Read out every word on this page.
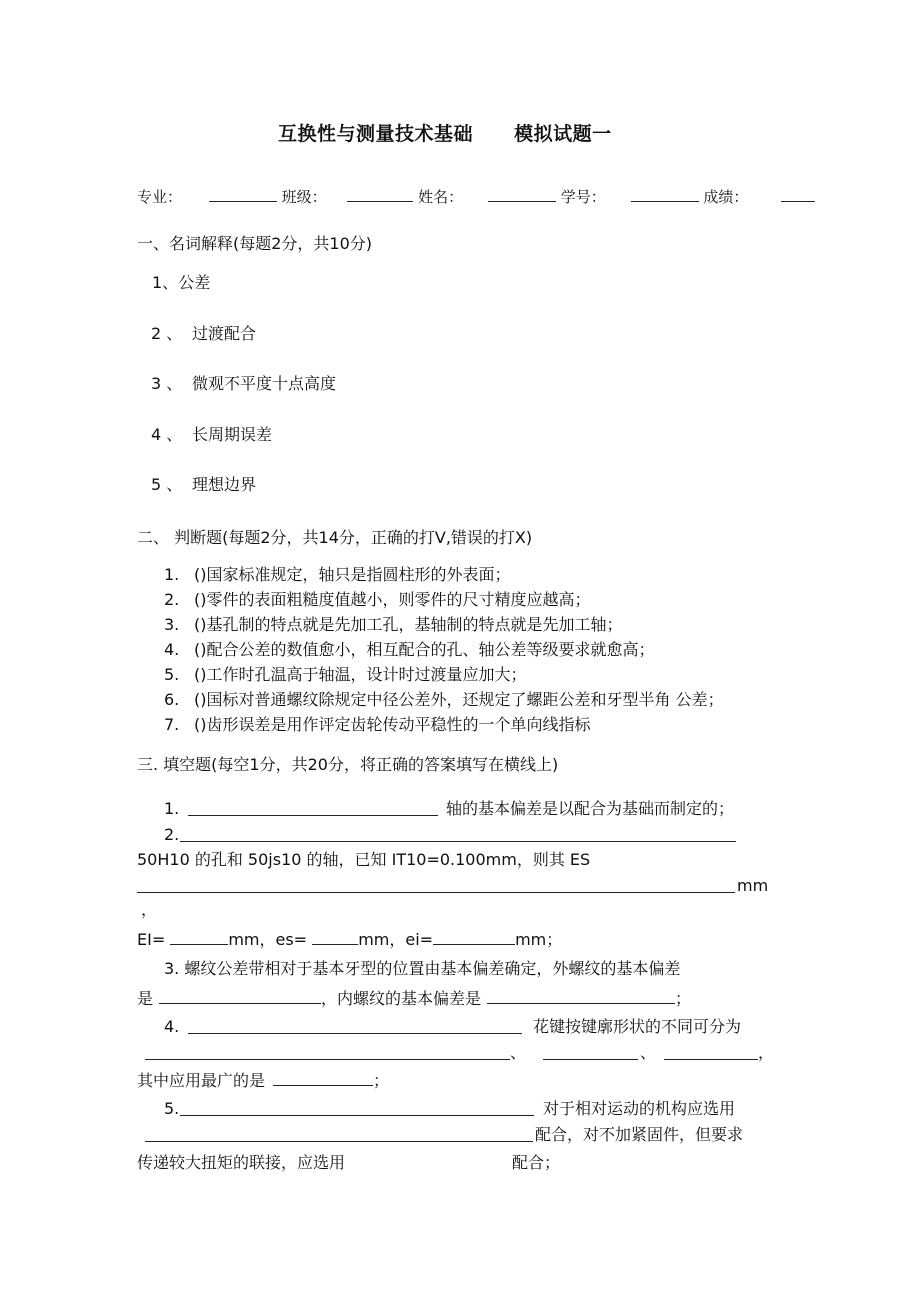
互换性与测量技术基础 模拟试题一
专业：	班级：	姓名：	学号：	成绩：
一、名词解释(每题2分，共10分)
1、公差
2 、 过渡配合
3 、 微观不平度十点高度
4 、 长周期误差
5 、 理想边界
二、 判断题(每题2分，共14分，正确的打V,错误的打X)
1. ()国家标准规定，轴只是指圆柱形的外表面；
2. ()零件的表面粗糙度值越小，则零件的尺寸精度应越高；
3. ()基孔制的特点就是先加工孔，基轴制的特点就是先加工轴；
4. ()配合公差的数值愈小，相互配合的孔、轴公差等级要求就愈高；
5. ()工作时孔温高于轴温，设计时过渡量应加大；
6. ()国标对普通螺纹除规定中径公差外，还规定了螺距公差和牙型半角 公差；
7. ()齿形误差是用作评定齿轮传动平稳性的一个单向线指标
三. 填空题(每空1分，共20分，将正确的答案填写在横线上)
1.	轴的基本偏差是以配合为基础而制定的；
2.
50H10 的孔和 50js10 的轴，已知 IT10=0.100mm，则其 ES
mm
，
EI=	mm，es=	mm，ei=	mm；
3. 螺纹公差带相对于基本牙型的位置由基本偏差确定，外螺纹的基本偏差
是	，内螺纹的基本偏差是	；
4.	花键按键廓形状的不同可分为
、	、	，
其中应用最广的是	；
5.	对于相对运动的机构应选用
配合，对不加紧固件，但要求
传递较大扭矩的联接，应选用	配合；
